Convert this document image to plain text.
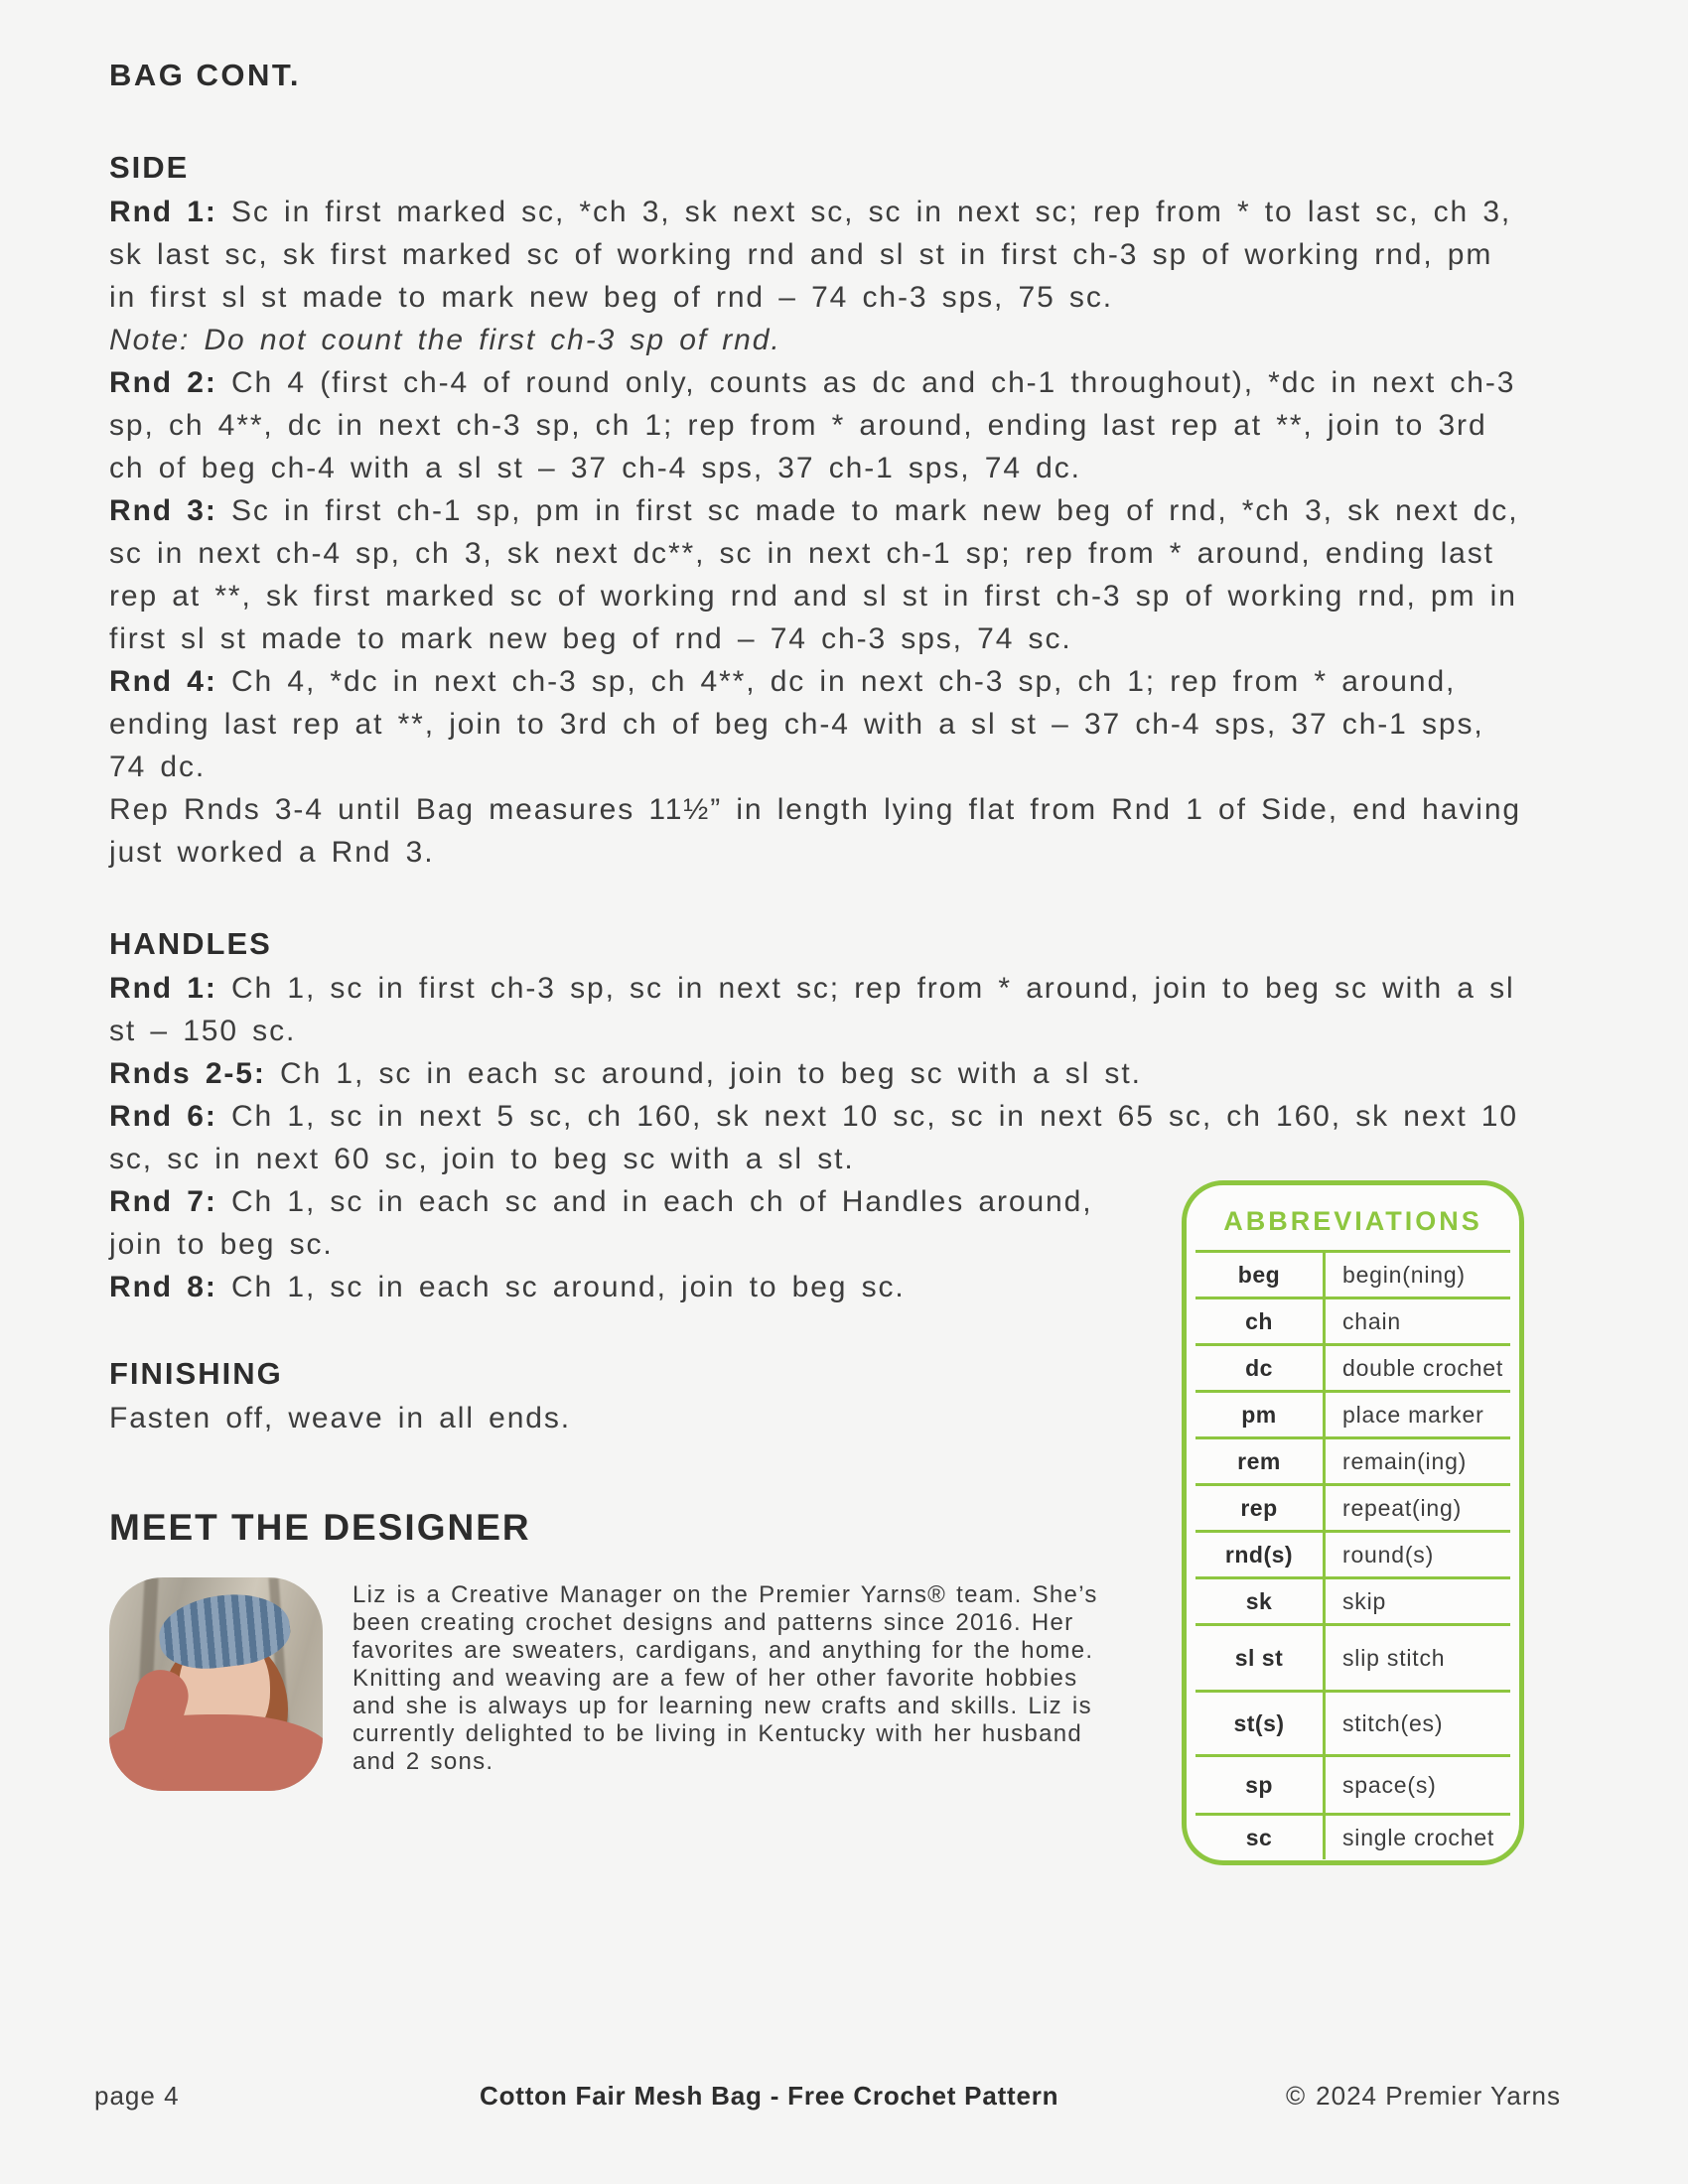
BAG CONT.
SIDE

Rnd 1: Sc in first marked sc, *ch 3, sk next sc, sc in next sc; rep from * to last sc, ch 3, sk last sc, sk first marked sc of working rnd and sl st in first ch-3 sp of working rnd, pm in first sl st made to mark new beg of rnd – 74 ch-3 sps, 75 sc.

Note: Do not count the first ch-3 sp of rnd.

Rnd 2: Ch 4 (first ch-4 of round only, counts as dc and ch-1 throughout), *dc in next ch-3 sp, ch 4**, dc in next ch-3 sp, ch 1; rep from * around, ending last rep at **, join to 3rd ch of beg ch-4 with a sl st – 37 ch-4 sps, 37 ch-1 sps, 74 dc.

Rnd 3: Sc in first ch-1 sp, pm in first sc made to mark new beg of rnd, *ch 3, sk next dc, sc in next ch-4 sp, ch 3, sk next dc**, sc in next ch-1 sp; rep from * around, ending last rep at **, sk first marked sc of working rnd and sl st in first ch-3 sp of working rnd, pm in first sl st made to mark new beg of rnd – 74 ch-3 sps, 74 sc.

Rnd 4: Ch 4, *dc in next ch-3 sp, ch 4**, dc in next ch-3 sp, ch 1; rep from * around, ending last rep at **, join to 3rd ch of beg ch-4 with a sl st – 37 ch-4 sps, 37 ch-1 sps, 74 dc.

Rep Rnds 3-4 until Bag measures 11½” in length lying flat from Rnd 1 of Side, end having just worked a Rnd 3.

HANDLES

Rnd 1: Ch 1, sc in first ch-3 sp, sc in next sc; rep from * around, join to beg sc with a sl st – 150 sc.

Rnds 2-5: Ch 1, sc in each sc around, join to beg sc with a sl st.

Rnd 6: Ch 1, sc in next 5 sc, ch 160, sk next 10 sc, sc in next 65 sc, ch 160, sk next 10 sc, sc in next 60 sc, join to beg sc with a sl st.

ABBREVIATIONS
beg	begin(ning)
ch	chain
dc	double crochet
pm	place marker
rem	remain(ing)
rep	repeat(ing)
rnd(s)	round(s)
sk	skip
sl st	slip stitch
st(s)	stitch(es)
sp	space(s)
sc	single crochet

Rnd 7: Ch 1, sc in each sc and in each ch of Handles around, join to beg sc.

Rnd 8: Ch 1, sc in each sc around, join to beg sc.

FINISHING

Fasten off, weave in all ends.

MEET THE DESIGNER
Liz is a Creative Manager on the Premier Yarns® team. She’s been creating crochet designs and patterns since 2016. Her favorites are sweaters, cardigans, and anything for the home. Knitting and weaving are a few of her other favorite hobbies and she is always up for learning new crafts and skills. Liz is currently delighted to be living in Kentucky with her husband and 2 sons.
page 4	Cotton Fair Mesh Bag - Free Crochet Pattern	© 2024 Premier Yarns
